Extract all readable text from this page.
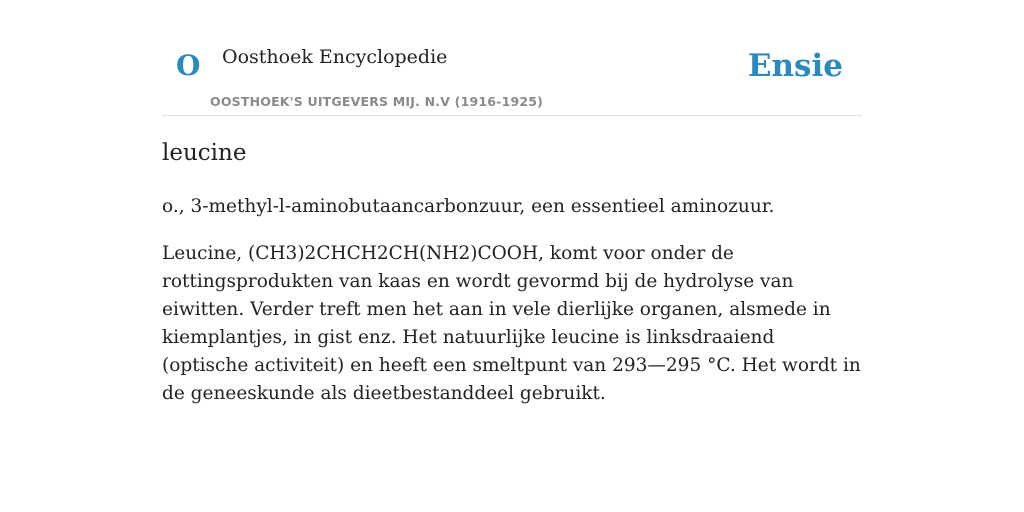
O Oosthoek Encyclopedie
OOSTHOEK'S UITGEVERS MIJ. N.V (1916-1925)
Ensie
leucine

o., 3-methyl-l-aminobutaancarbonzuur, een essentieel aminozuur.

Leucine, (CH3)2CHCH2CH(NH2)COOH, komt voor onder de rottingsprodukten van kaas en wordt gevormd bij de hydrolyse van eiwitten. Verder treft men het aan in vele dierlijke organen, alsmede in kiemplantjes, in gist enz. Het natuurlijke leucine is linksdraaiend (optische activiteit) en heeft een smeltpunt van 293—295 °C. Het wordt in de geneeskunde als dieetbestanddeel gebruikt.
